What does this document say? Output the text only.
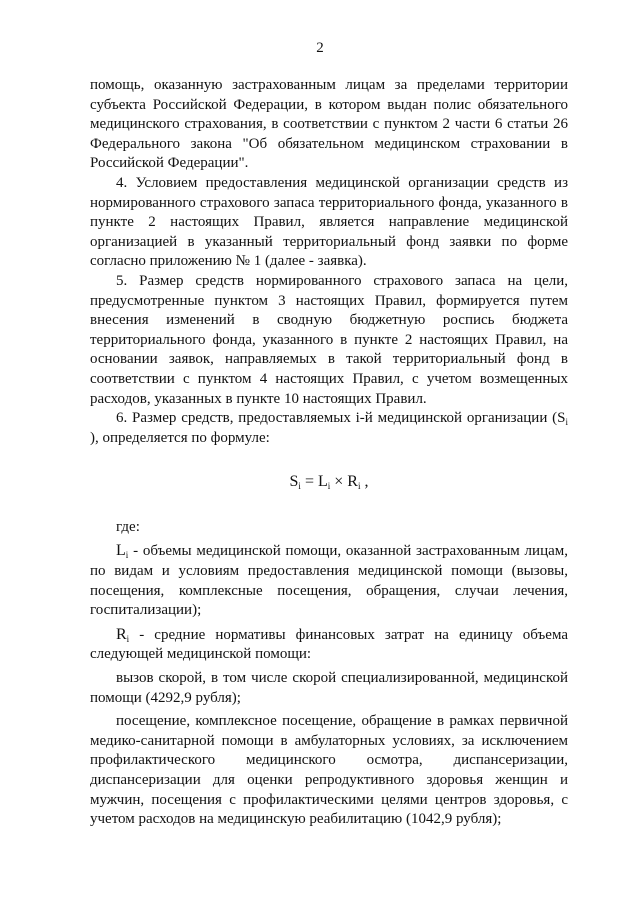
2

помощь, оказанную застрахованным лицам за пределами территории субъекта Российской Федерации, в котором выдан полис обязательного медицинского страхования, в соответствии с пунктом 2 части 6 статьи 26 Федерального закона "Об обязательном медицинском страховании в Российской Федерации".

4. Условием предоставления медицинской организации средств из нормированного страхового запаса территориального фонда, указанного в пункте 2 настоящих Правил, является направление медицинской организацией в указанный территориальный фонд заявки по форме согласно приложению № 1 (далее - заявка).

5. Размер средств нормированного страхового запаса на цели, предусмотренные пунктом 3 настоящих Правил, формируется путем внесения изменений в сводную бюджетную роспись бюджета территориального фонда, указанного в пункте 2 настоящих Правил, на основании заявок, направляемых в такой территориальный фонд в соответствии с пунктом 4 настоящих Правил, с учетом возмещенных расходов, указанных в пункте 10 настоящих Правил.

6. Размер средств, предоставляемых i-й медицинской организации ($S_i$ ), определяется по формуле:

$S_i = L_i \times R_i$ ,

где:

$L_i$ - объемы медицинской помощи, оказанной застрахованным лицам, по видам и условиям предоставления медицинской помощи (вызовы, посещения, комплексные посещения, обращения, случаи лечения, госпитализации);

$R_i$ - средние нормативы финансовых затрат на единицу объема следующей медицинской помощи:

вызов скорой, в том числе скорой специализированной, медицинской помощи (4292,9 рубля);

посещение, комплексное посещение, обращение в рамках первичной медико-санитарной помощи в амбулаторных условиях, за исключением профилактического медицинского осмотра, диспансеризации, диспансеризации для оценки репродуктивного здоровья женщин и мужчин, посещения с профилактическими целями центров здоровья, с учетом расходов на медицинскую реабилитацию (1042,9 рубля);
